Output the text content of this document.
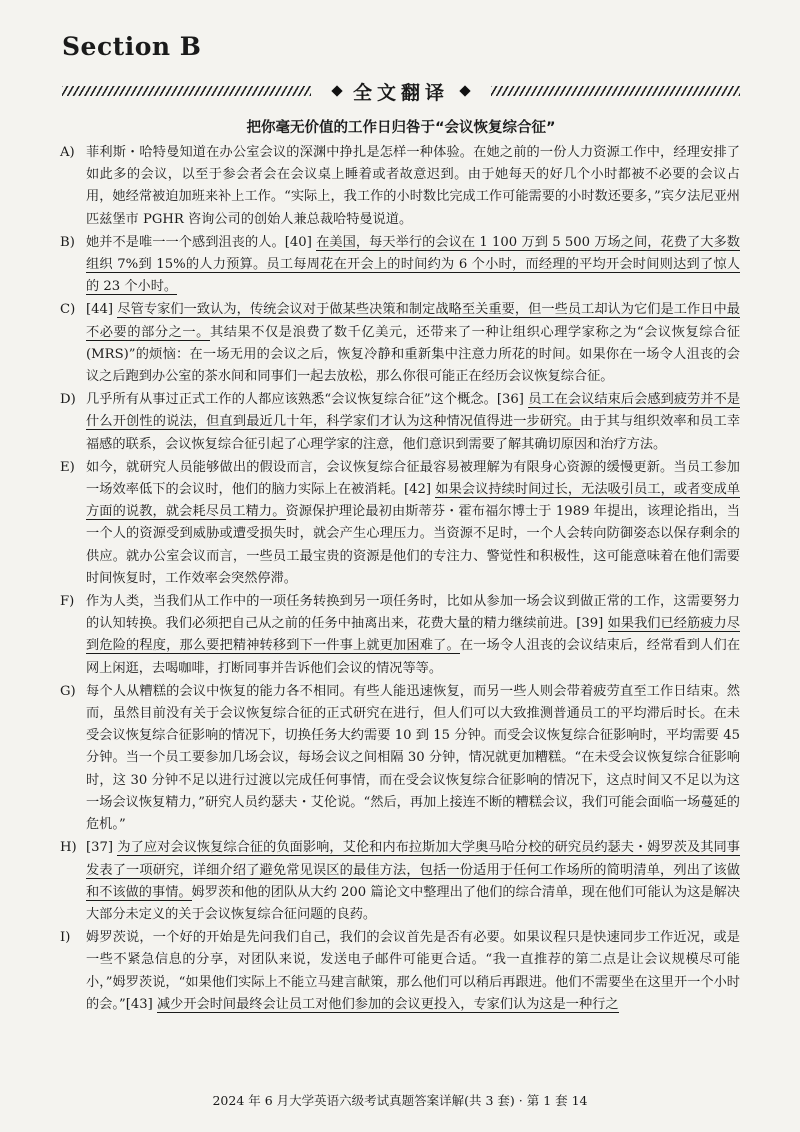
Section B
全文翻译
把你毫无价值的工作日归咎于“会议恢复综合征”
A) 菲利斯・哈特曼知道在办公室会议的深渊中挣扎是怎样一种体验。在她之前的一份人力资源工作中，经理安排了如此多的会议，以至于参会者会在会议桌上睡着或者故意迟到。由于她每天的好几个小时都被不必要的会议占用，她经常被迫加班来补上工作。“实际上，我工作的小时数比完成工作可能需要的小时数还要多，”宾夕法尼亚州匹兹堡市 PGHR 咨询公司的创始人兼总裁哈特曼说道。
B) 她并不是唯一一个感到沮丧的人。[40] 在美国，每天举行的会议在 1 100 万到 5 500 万场之间，花费了大多数组织 7%到 15%的人力预算。员工每周花在开会上的时间约为 6 个小时，而经理的平均开会时间则达到了惊人的 23 个小时。
C) [44] 尽管专家们一致认为，传统会议对于做某些决策和制定战略至关重要，但一些员工却认为它们是工作日中最不必要的部分之一。其结果不仅是浪费了数千亿美元，还带来了一种让组织心理学家称之为“会议恢复综合征(MRS)”的烦恼：在一场无用的会议之后，恢复冷静和重新集中注意力所花的时间。如果你在一场令人沮丧的会议之后跑到办公室的茶水间和同事们一起去放松，那么你很可能正在经历会议恢复综合征。
D) 几乎所有从事过正式工作的人都应该熟悉“会议恢复综合征”这个概念。[36] 员工在会议结束后会感到疲劳并不是什么开创性的说法，但直到最近几十年，科学家们才认为这种情况值得进一步研究。由于其与组织效率和员工幸福感的联系，会议恢复综合征引起了心理学家的注意，他们意识到需要了解其确切原因和治疗方法。
E) 如今，就研究人员能够做出的假设而言，会议恢复综合征最容易被理解为有限身心资源的缓慢更新。当员工参加一场效率低下的会议时，他们的脑力实际上在被消耗。[42] 如果会议持续时间过长，无法吸引员工，或者变成单方面的说教，就会耗尽员工精力。资源保护理论最初由斯蒂芬・霍布福尔博士于 1989 年提出，该理论指出，当一个人的资源受到威胁或遭受损失时，就会产生心理压力。当资源不足时，一个人会转向防御姿态以保存剩余的供应。就办公室会议而言，一些员工最宝贵的资源是他们的专注力、警觉性和积极性，这可能意味着在他们需要时间恢复时，工作效率会突然停滞。
F) 作为人类，当我们从工作中的一项任务转换到另一项任务时，比如从参加一场会议到做正常的工作，这需要努力的认知转换。我们必须把自己从之前的任务中抽离出来，花费大量的精力继续前进。[39] 如果我们已经筋疲力尽到危险的程度，那么要把精神转移到下一件事上就更加困难了。在一场令人沮丧的会议结束后，经常看到人们在网上闲逛，去喝咖啡，打断同事并告诉他们会议的情况等等。
G) 每个人从糟糕的会议中恢复的能力各不相同。有些人能迅速恢复，而另一些人则会带着疲劳直至工作日结束。然而，虽然目前没有关于会议恢复综合征的正式研究在进行，但人们可以大致推测普通员工的平均滞后时长。在未受会议恢复综合征影响的情况下，切换任务大约需要 10 到 15 分钟。而受会议恢复综合征影响时，平均需要 45 分钟。当一个员工要参加几场会议，每场会议之间相隔 30 分钟，情况就更加糟糕。“在未受会议恢复综合征影响时，这 30 分钟不足以进行过渡以完成任何事情，而在受会议恢复综合征影响的情况下，这点时间又不足以为这一场会议恢复精力，”研究人员约瑟夫・艾伦说。“然后，再加上接连不断的糟糕会议，我们可能会面临一场蔓延的危机。”
H) [37] 为了应对会议恢复综合征的负面影响，艾伦和内布拉斯加大学奥马哈分校的研究员约瑟夫・姆罗茨及其同事发表了一项研究，详细介绍了避免常见误区的最佳方法，包括一份适用于任何工作场所的简明清单，列出了该做和不该做的事情。姆罗茨和他的团队从大约 200 篇论文中整理出了他们的综合清单，现在他们可能认为这是解决大部分未定义的关于会议恢复综合征问题的良药。
I)	姆罗茨说，一个好的开始是先问我们自己，我们的会议首先是否有必要。如果议程只是快速同步工作近况，或是一些不紧急信息的分享，对团队来说，发送电子邮件可能更合适。“我一直推荐的第二点是让会议规模尽可能小，”姆罗茨说，“如果他们实际上不能立马建言献策，那么他们可以稍后再跟进。他们不需要坐在这里开一个小时的会。”[43] 减少开会时间最终会让员工对他们参加的会议更投入，专家们认为这是一种行之
2024 年 6 月大学英语六级考试真题答案详解(共 3 套) · 第 1 套 14
